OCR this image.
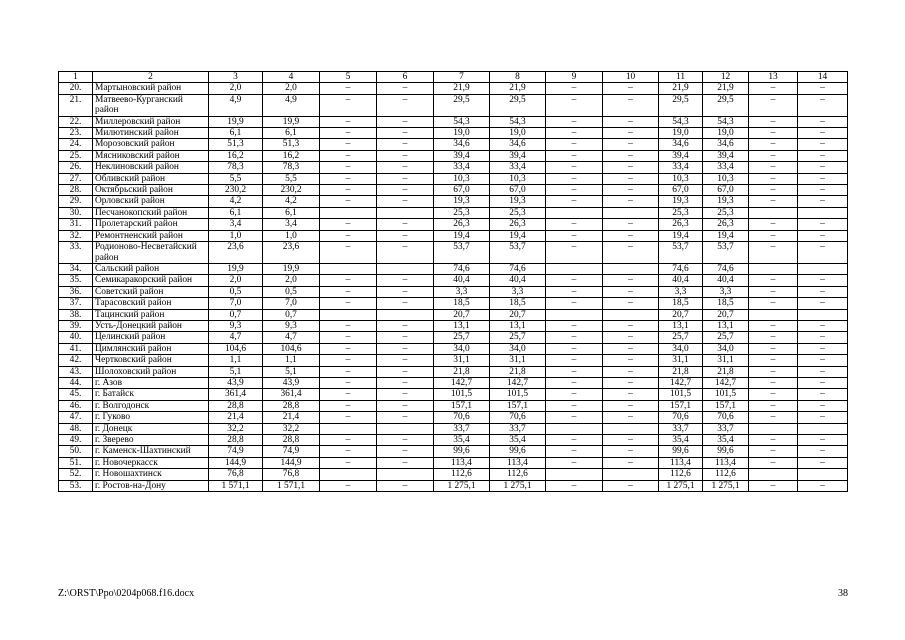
1	2	3	4	5	6	7	8	9	10	11	12	13	14
20.	Мартыновский район	2,0	2,0	–	–	21,9	21,9	–	–	21,9	21,9	–	–
21.	Матвеево-Курганский район	4,9	4,9	–	–	29,5	29,5	–	–	29,5	29,5	–	–
22.	Миллеровский район	19,9	19,9	–	–	54,3	54,3	–	–	54,3	54,3	–	–
23.	Милютинский район	6,1	6,1	–	–	19,0	19,0	–	–	19,0	19,0	–	–
24.	Морозовский район	51,3	51,3	–	–	34,6	34,6	–	–	34,6	34,6	–	–
25.	Мясниковский район	16,2	16,2	–	–	39,4	39,4	–	–	39,4	39,4	–	–
26.	Неклиновский район	78,3	78,3	–	–	33,4	33,4	–	–	33,4	33,4	–	–
27.	Обливский район	5,5	5,5	–	–	10,3	10,3	–	–	10,3	10,3	–	–
28.	Октябрьский район	230,2	230,2	–	–	67,0	67,0	–	–	67,0	67,0	–	–
29.	Орловский район	4,2	4,2	–	–	19,3	19,3	–	–	19,3	19,3	–	–
30.	Песчанокопский район	6,1	6,1			25,3	25,3			25,3	25,3		
31.	Пролетарский район	3,4	3,4	–	–	26,3	26,3	–	–	26,3	26,3	–	–
32.	Ремонтненский район	1,0	1,0	–	–	19,4	19,4	–	–	19,4	19,4	–	–
33.	Родионово-Несветайский район	23,6	23,6	–	–	53,7	53,7	–	–	53,7	53,7	–	–
34.	Сальский район	19,9	19,9			74,6	74,6			74,6	74,6		
35.	Семикаракорский район	2,0	2,0	–	–	40,4	40,4	–	–	40,4	40,4	–	–
36.	Советский район	0,5	0,5	–	–	3,3	3,3	–	–	3,3	3,3	–	–
37.	Тарасовский район	7,0	7,0	–	–	18,5	18,5	–	–	18,5	18,5	–	–
38.	Тацинский район	0,7	0,7			20,7	20,7			20,7	20,7		
39.	Усть-Донецкий район	9,3	9,3	–	–	13,1	13,1	–	–	13,1	13,1	–	–
40.	Целинский район	4,7	4,7	–	–	25,7	25,7	–	–	25,7	25,7	–	–
41.	Цимлянский район	104,6	104,6	–	–	34,0	34,0	–	–	34,0	34,0	–	–
42.	Чертковский район	1,1	1,1	–	–	31,1	31,1	–	–	31,1	31,1	–	–
43.	Шолоховский район	5,1	5,1	–	–	21,8	21,8	–	–	21,8	21,8	–	–
44.	г. Азов	43,9	43,9	–	–	142,7	142,7	–	–	142,7	142,7	–	–
45.	г. Батайск	361,4	361,4	–	–	101,5	101,5	–	–	101,5	101,5	–	–
46.	г. Волгодонск	28,8	28,8	–	–	157,1	157,1	–	–	157,1	157,1	–	–
47.	г. Гуково	21,4	21,4	–	–	70,6	70,6	–	–	70,6	70,6	–	–
48.	г. Донецк	32,2	32,2			33,7	33,7			33,7	33,7		
49.	г. Зверево	28,8	28,8	–	–	35,4	35,4	–	–	35,4	35,4	–	–
50.	г. Каменск-Шахтинский	74,9	74,9	–	–	99,6	99,6	–	–	99,6	99,6	–	–
51.	г. Новочеркасск	144,9	144,9	–	–	113,4	113,4	–	–	113,4	113,4	–	–
52.	г. Новошахтинск	76,8	76,8			112,6	112,6			112,6	112,6		
53.	г. Ростов-на-Дону	1 571,1	1 571,1	–	–	1 275,1	1 275,1	–	–	1 275,1	1 275,1	–	–
Z:\ORST\Ppo\0204p068.f16.docx	38
